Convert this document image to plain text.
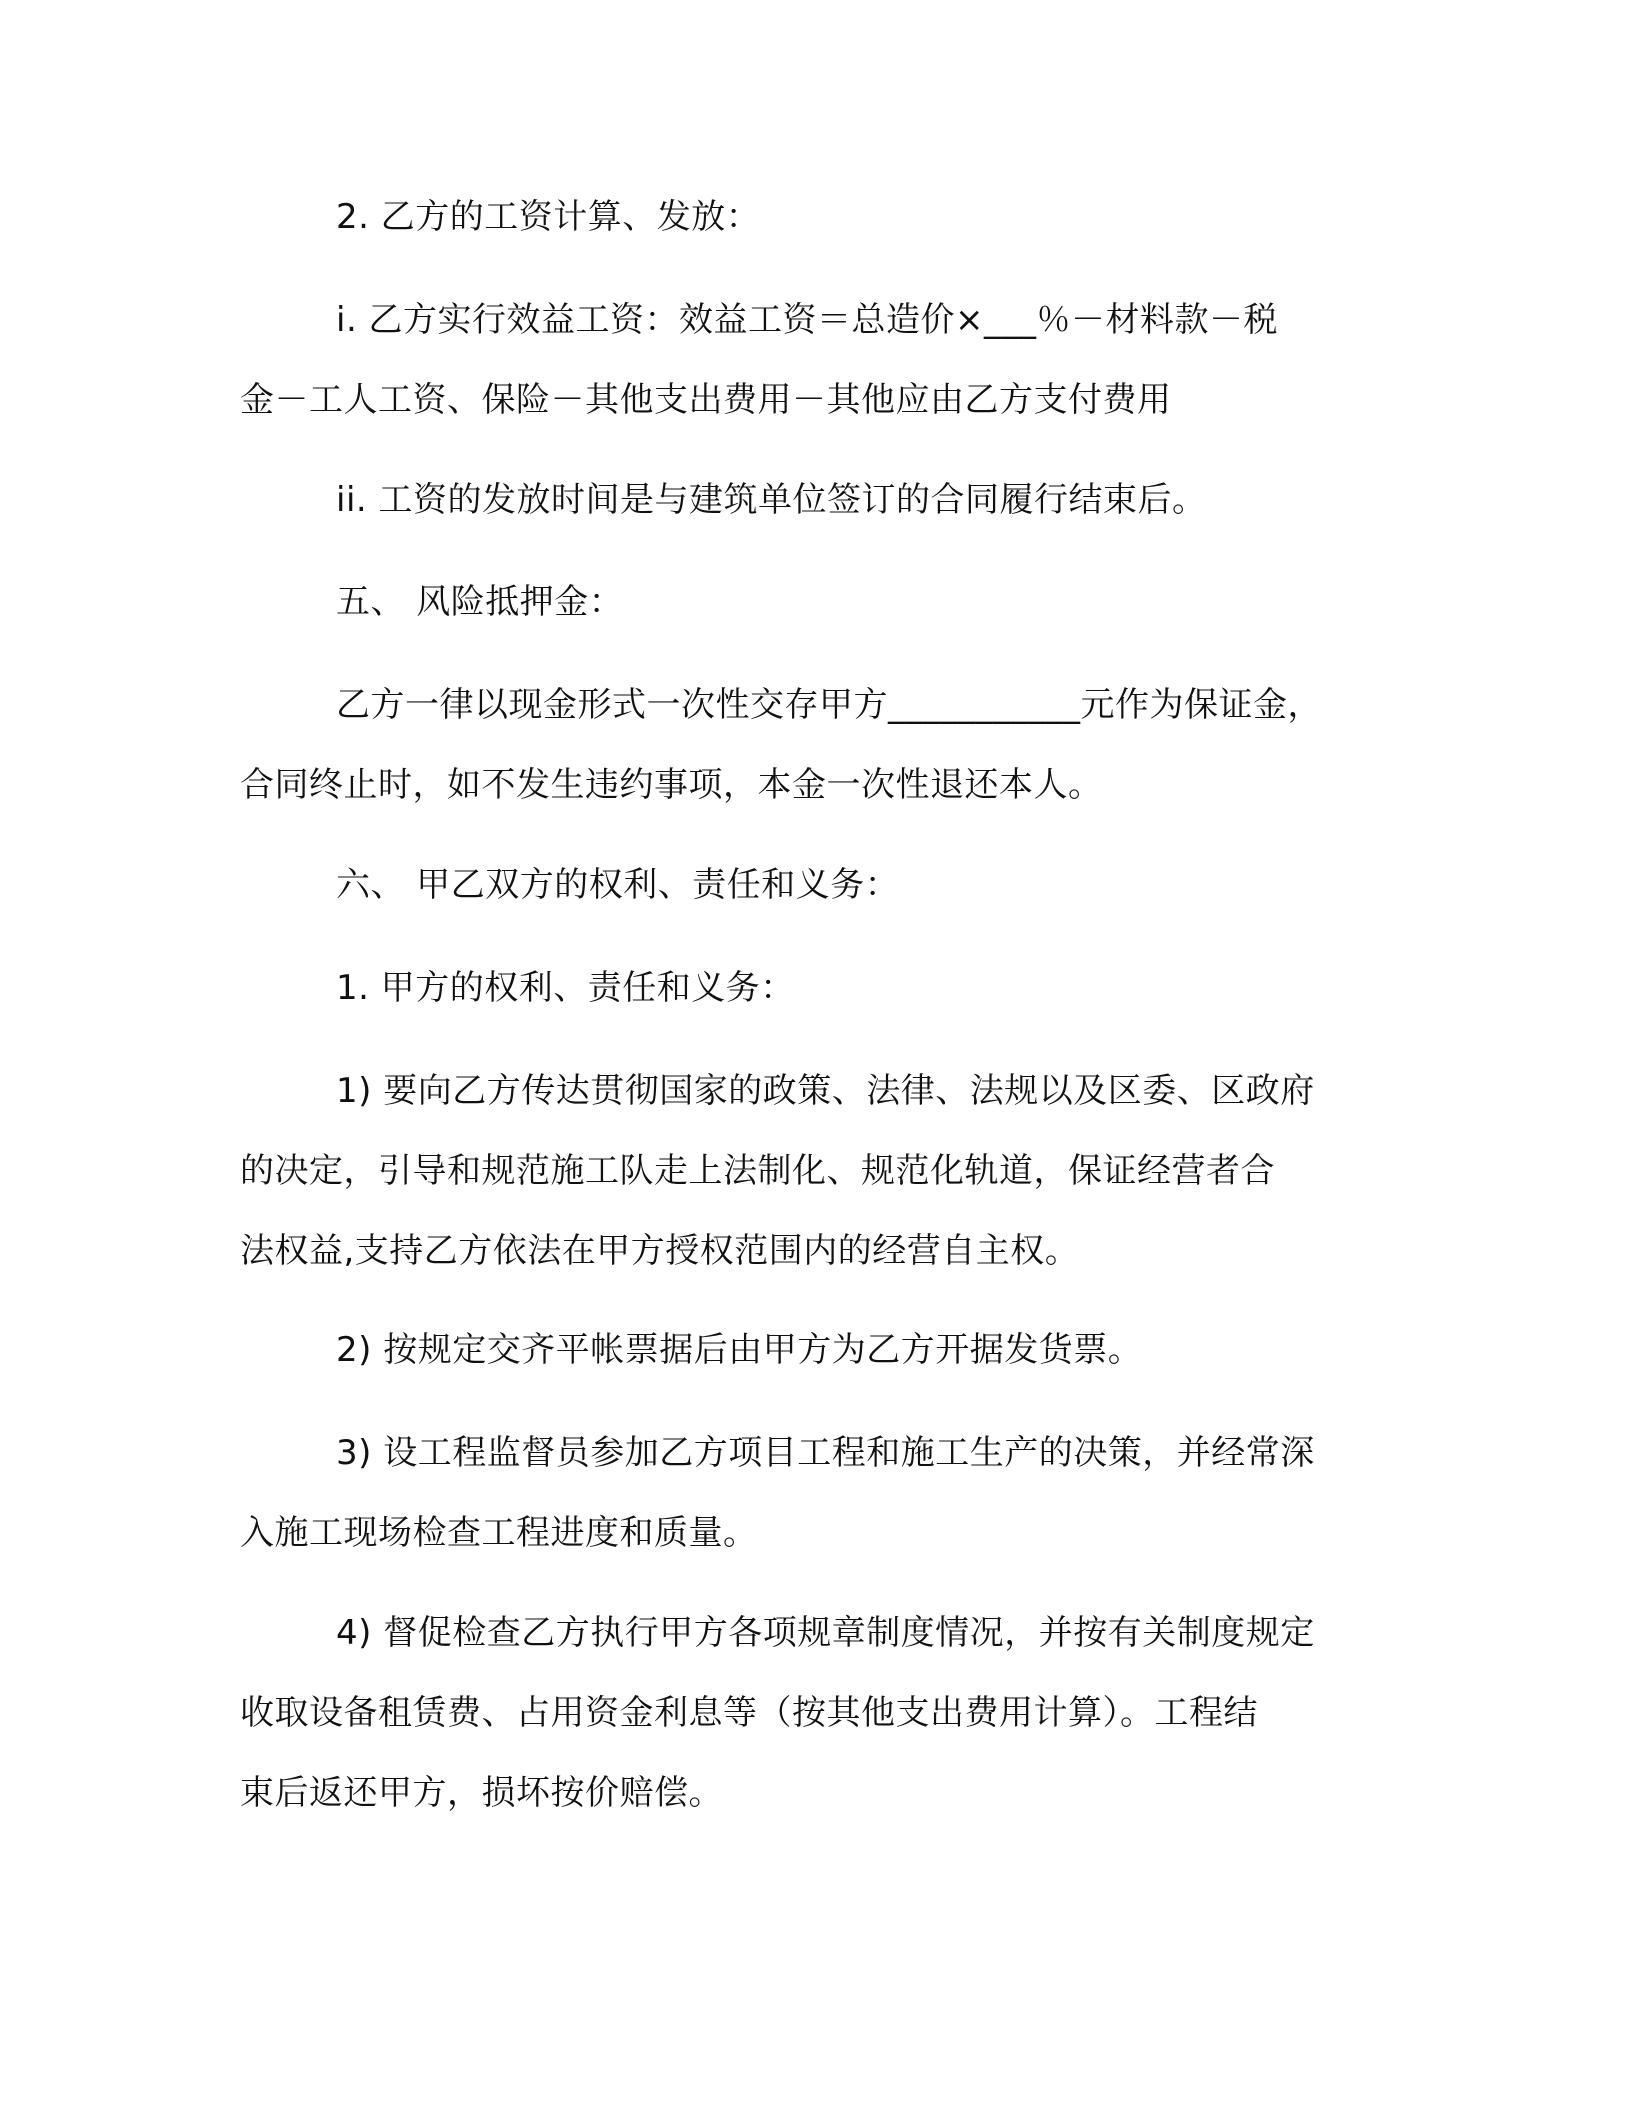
2. 乙方的工资计算、发放：
i. 乙方实行效益工资：效益工资＝总造价×___％－材料款－税
金－工人工资、保险－其他支出费用－其他应由乙方支付费用
ii. 工资的发放时间是与建筑单位签订的合同履行结束后。
五、 风险抵押金：
乙方一律以现金形式一次性交存甲方___________元作为保证金，
合同终止时，如不发生违约事项，本金一次性退还本人。
六、 甲乙双方的权利、责任和义务：
1. 甲方的权利、责任和义务：
1) 要向乙方传达贯彻国家的政策、法律、法规以及区委、区政府
的决定，引导和规范施工队走上法制化、规范化轨道，保证经营者合
法权益,支持乙方依法在甲方授权范围内的经营自主权。
2) 按规定交齐平帐票据后由甲方为乙方开据发货票。
3) 设工程监督员参加乙方项目工程和施工生产的决策，并经常深
入施工现场检查工程进度和质量。
4) 督促检查乙方执行甲方各项规章制度情况，并按有关制度规定
收取设备租赁费、占用资金利息等（按其他支出费用计算）。工程结
束后返还甲方，损坏按价赔偿。
